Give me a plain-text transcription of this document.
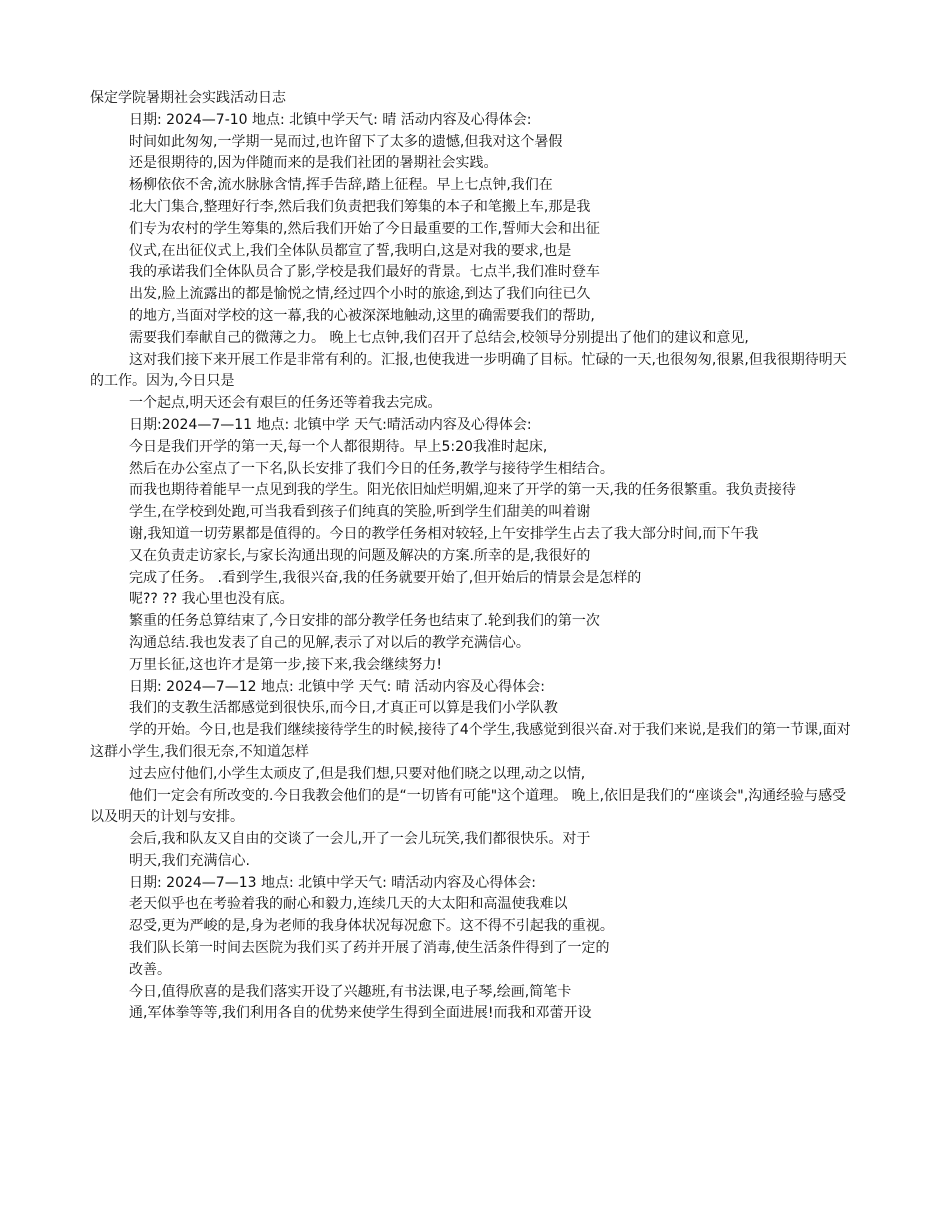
保定学院暑期社会实践活动日志
日期: 2024—7-10 地点: 北镇中学天气: 晴 活动内容及心得体会:
时间如此匆匆,一学期一晃而过,也许留下了太多的遗憾,但我对这个暑假
还是很期待的,因为伴随而来的是我们社团的暑期社会实践。
杨柳依依不舍,流水脉脉含情,挥手告辞,踏上征程。早上七点钟,我们在
北大门集合,整理好行李,然后我们负责把我们筹集的本子和笔搬上车,那是我
们专为农村的学生筹集的,然后我们开始了今日最重要的工作,誓师大会和出征
仪式,在出征仪式上,我们全体队员都宣了誓,我明白,这是对我的要求,也是
我的承诺我们全体队员合了影,学校是我们最好的背景。七点半,我们准时登车
出发,脸上流露出的都是愉悦之情,经过四个小时的旅途,到达了我们向往已久
的地方,当面对学校的这一幕,我的心被深深地触动,这里的确需要我们的帮助,
需要我们奉献自己的微薄之力。 晚上七点钟,我们召开了总结会,校领导分别提出了他们的建议和意见,
这对我们接下来开展工作是非常有利的。汇报,也使我进一步明确了目标。忙碌的一天,也很匆匆,很累,但我很期待明天的工作。因为,今日只是
一个起点,明天还会有艰巨的任务还等着我去完成。
日期:2024—7—11 地点: 北镇中学 天气:晴活动内容及心得体会:
今日是我们开学的第一天,每一个人都很期待。早上5:20我准时起床,
然后在办公室点了一下名,队长安排了我们今日的任务,教学与接待学生相结合。
而我也期待着能早一点见到我的学生。阳光依旧灿烂明媚,迎来了开学的第一天,我的任务很繁重。我负责接待
学生,在学校到处跑,可当我看到孩子们纯真的笑脸,听到学生们甜美的叫着谢
谢,我知道一切劳累都是值得的。今日的教学任务相对较轻,上午安排学生占去了我大部分时间,而下午我
又在负责走访家长,与家长沟通出现的问题及解决的方案.所幸的是,我很好的
完成了任务。 .看到学生,我很兴奋,我的任务就要开始了,但开始后的情景会是怎样的
呢?? ?? 我心里也没有底。
繁重的任务总算结束了,今日安排的部分教学任务也结束了.轮到我们的第一次
沟通总结.我也发表了自己的见解,表示了对以后的教学充满信心。
万里长征,这也许才是第一步,接下来,我会继续努力!
日期: 2024—7—12 地点: 北镇中学 天气: 晴 活动内容及心得体会:
我们的支教生活都感觉到很快乐,而今日,才真正可以算是我们小学队教
学的开始。今日,也是我们继续接待学生的时候,接待了4个学生,我感觉到很兴奋.对于我们来说,是我们的第一节课,面对这群小学生,我们很无奈,不知道怎样
过去应付他们,小学生太顽皮了,但是我们想,只要对他们晓之以理,动之以情,
他们一定会有所改变的.今日我教会他们的是“一切皆有可能"这个道理。 晚上,依旧是我们的“座谈会",沟通经验与感受以及明天的计划与安排。
会后,我和队友又自由的交谈了一会儿,开了一会儿玩笑,我们都很快乐。对于
明天,我们充满信心.
日期: 2024—7—13 地点: 北镇中学天气: 晴活动内容及心得体会:
老天似乎也在考验着我的耐心和毅力,连续几天的大太阳和高温使我难以
忍受,更为严峻的是,身为老师的我身体状况每况愈下。这不得不引起我的重视。
我们队长第一时间去医院为我们买了药并开展了消毒,使生活条件得到了一定的
改善。
今日,值得欣喜的是我们落实开设了兴趣班,有书法课,电子琴,绘画,简笔卡
通,军体拳等等,我们利用各自的优势来使学生得到全面进展!而我和邓蕾开设
